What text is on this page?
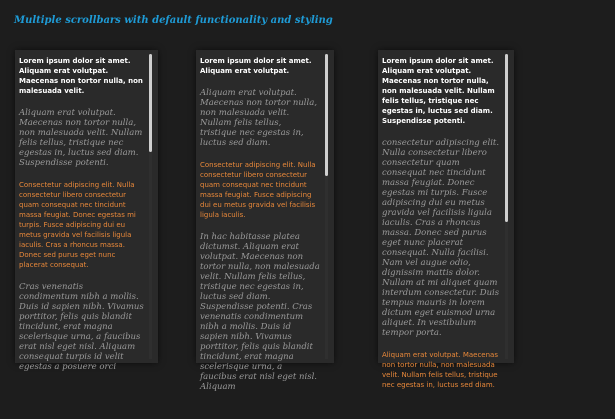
Multiple scrollbars with default functionality and styling

Lorem ipsum dolor sit amet. Aliquam erat volutpat. Maecenas non tortor nulla, non malesuada velit.

Aliquam erat volutpat. Maecenas non tortor nulla, non malesuada velit. Nullam felis tellus, tristique nec egestas in, luctus sed diam. Suspendisse potenti.

Consectetur adipiscing elit. Nulla consectetur libero consectetur quam consequat nec tincidunt massa feugiat. Donec egestas mi turpis. Fusce adipiscing dui eu metus gravida vel facilisis ligula iaculis. Cras a rhoncus massa. Donec sed purus eget nunc placerat consequat.

Cras venenatis condimentum nibh a mollis. Duis id sapien nibh. Vivamus porttitor, felis quis blandit tincidunt, erat magna scelerisque urna, a faucibus erat nisl eget nisl. Aliquam consequat turpis id velit egestas a posuere orci

Lorem ipsum dolor sit amet. Aliquam erat volutpat.

Aliquam erat volutpat. Maecenas non tortor nulla, non malesuada velit. Nullam felis tellus, tristique nec egestas in, luctus sed diam.

Consectetur adipiscing elit. Nulla consectetur libero consectetur quam consequat nec tincidunt massa feugiat. Fusce adipiscing dui eu metus gravida vel facilisis ligula iaculis.

In hac habitasse platea dictumst. Aliquam erat volutpat. Maecenas non tortor nulla, non malesuada velit. Nullam felis tellus, tristique nec egestas in, luctus sed diam. Suspendisse potenti. Cras venenatis condimentum nibh a mollis. Duis id sapien nibh. Vivamus porttitor, felis quis blandit tincidunt, erat magna scelerisque urna, a faucibus erat nisl eget nisl. Aliquam

Lorem ipsum dolor sit amet. Aliquam erat volutpat. Maecenas non tortor nulla, non malesuada velit. Nullam felis tellus, tristique nec egestas in, luctus sed diam. Suspendisse potenti.

consectetur adipiscing elit. Nulla consectetur libero consectetur quam consequat nec tincidunt massa feugiat. Donec egestas mi turpis. Fusce adipiscing dui eu metus gravida vel facilisis ligula iaculis. Cras a rhoncus massa. Donec sed purus eget nunc placerat consequat. Nulla facilisi. Nam vel augue odio, dignissim mattis dolor. Nullam at mi aliquet quam interdum consectetur. Duis tempus mauris in lorem dictum eget euismod urna aliquet. In vestibulum tempor porta.

Aliquam erat volutpat. Maecenas non tortor nulla, non malesuada velit. Nullam felis tellus, tristique nec egestas in, luctus sed diam.
